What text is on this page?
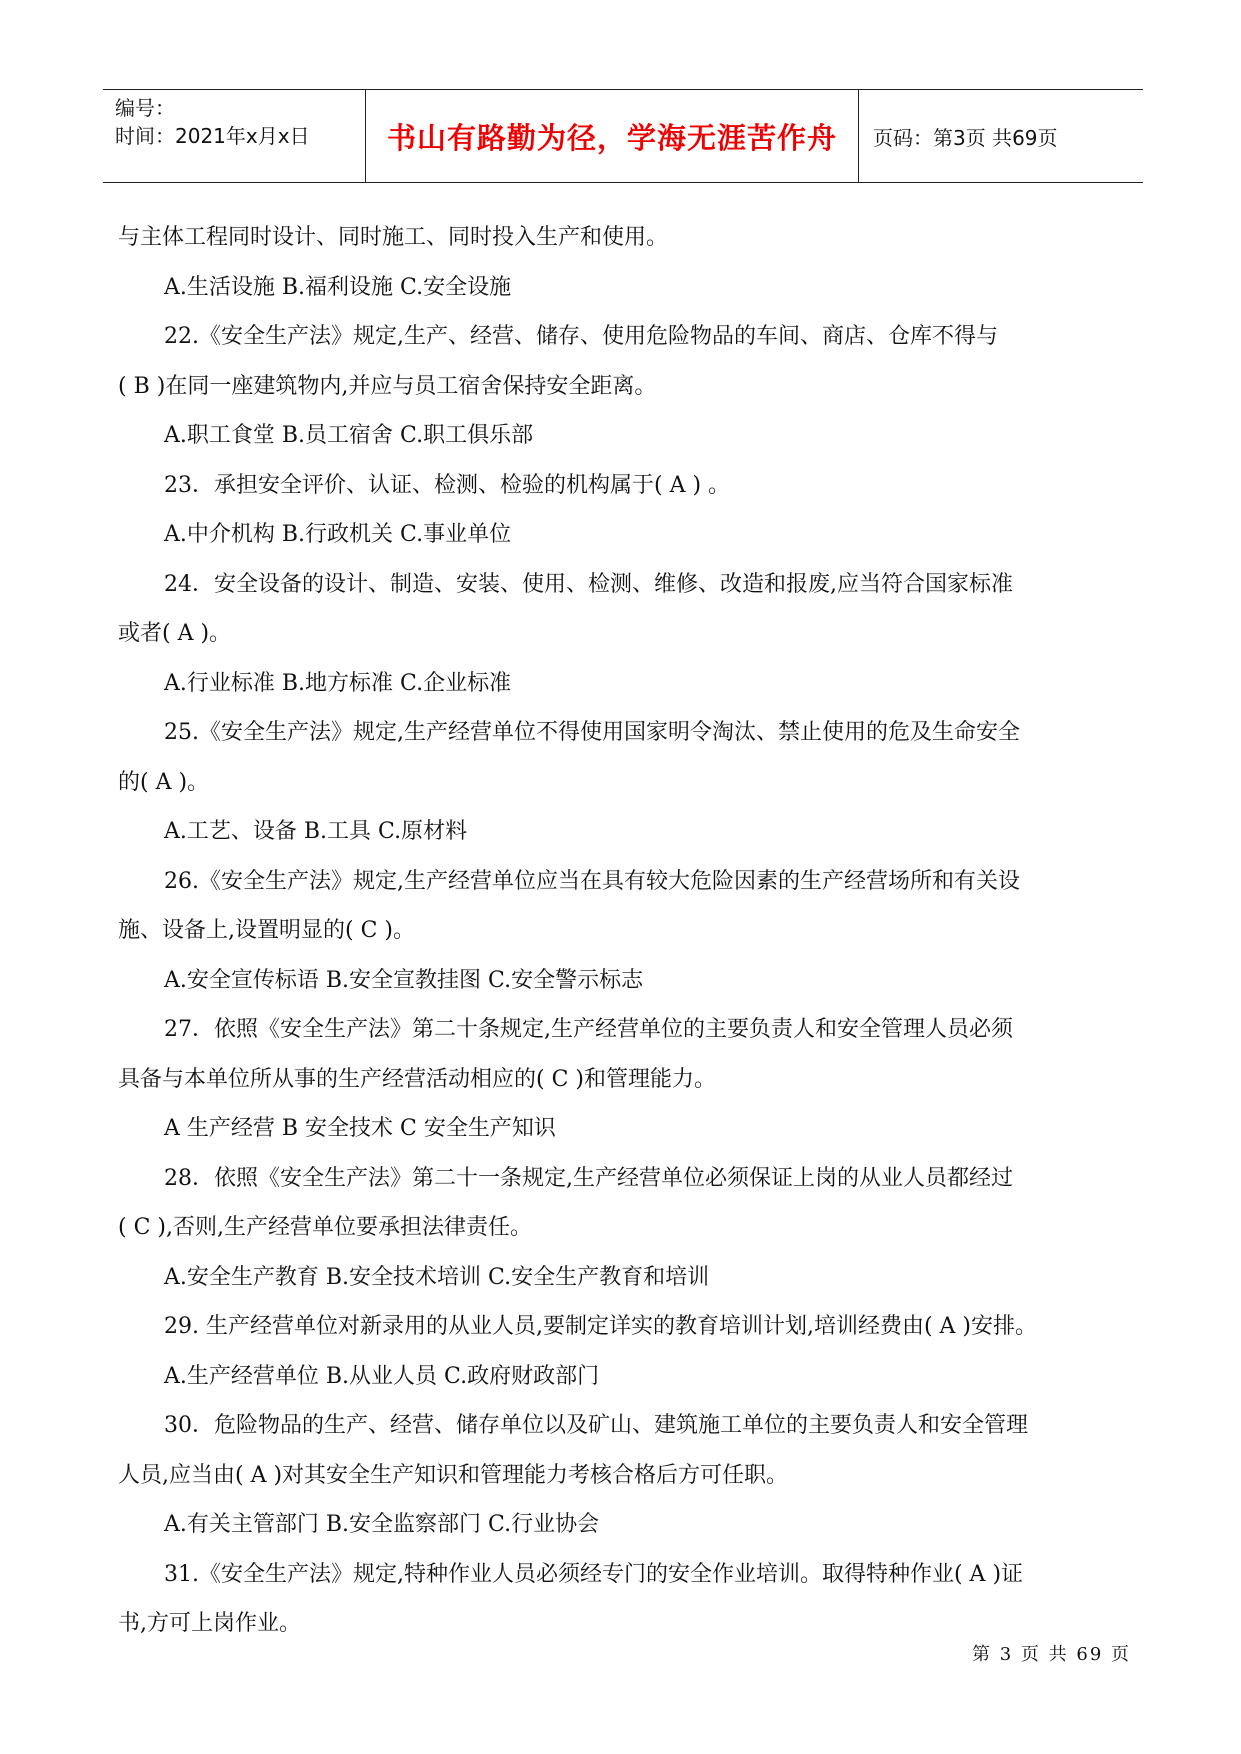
编号：
时间：2021年x月x日	书山有路勤为径，学海无涯苦作舟	页码：第3页 共69页
与主体工程同时设计、同时施工、同时投入生产和使用。
A.生活设施 B.福利设施 C.安全设施
22.《安全生产法》规定,生产、经营、储存、使用危险物品的车间、商店、仓库不得与
( B )在同一座建筑物内,并应与员工宿舍保持安全距离。
A.职工食堂 B.员工宿舍 C.职工俱乐部
23．承担安全评价、认证、检测、检验的机构属于( A ) 。
A.中介机构 B.行政机关 C.事业单位
24．安全设备的设计、制造、安装、使用、检测、维修、改造和报废,应当符合国家标准
或者( A )。
A.行业标准 B.地方标准 C.企业标准
25.《安全生产法》规定,生产经营单位不得使用国家明令淘汰、禁止使用的危及生命安全
的( A )。
A.工艺、设备 B.工具 C.原材料
26.《安全生产法》规定,生产经营单位应当在具有较大危险因素的生产经营场所和有关设
施、设备上,设置明显的( C )。
A.安全宣传标语 B.安全宣教挂图 C.安全警示标志
27．依照《安全生产法》第二十条规定,生产经营单位的主要负责人和安全管理人员必须
具备与本单位所从事的生产经营活动相应的( C )和管理能力。
A 生产经营 B 安全技术 C 安全生产知识
28．依照《安全生产法》第二十一条规定,生产经营单位必须保证上岗的从业人员都经过
( C ),否则,生产经营单位要承担法律责任。
A.安全生产教育 B.安全技术培训 C.安全生产教育和培训
29. 生产经营单位对新录用的从业人员,要制定详实的教育培训计划,培训经费由( A )安排。
A.生产经营单位 B.从业人员 C.政府财政部门
30．危险物品的生产、经营、储存单位以及矿山、建筑施工单位的主要负责人和安全管理
人员,应当由( A )对其安全生产知识和管理能力考核合格后方可任职。
A.有关主管部门 B.安全监察部门 C.行业协会
31.《安全生产法》规定,特种作业人员必须经专门的安全作业培训。取得特种作业( A )证
书,方可上岗作业。
第 3 页 共 69 页
